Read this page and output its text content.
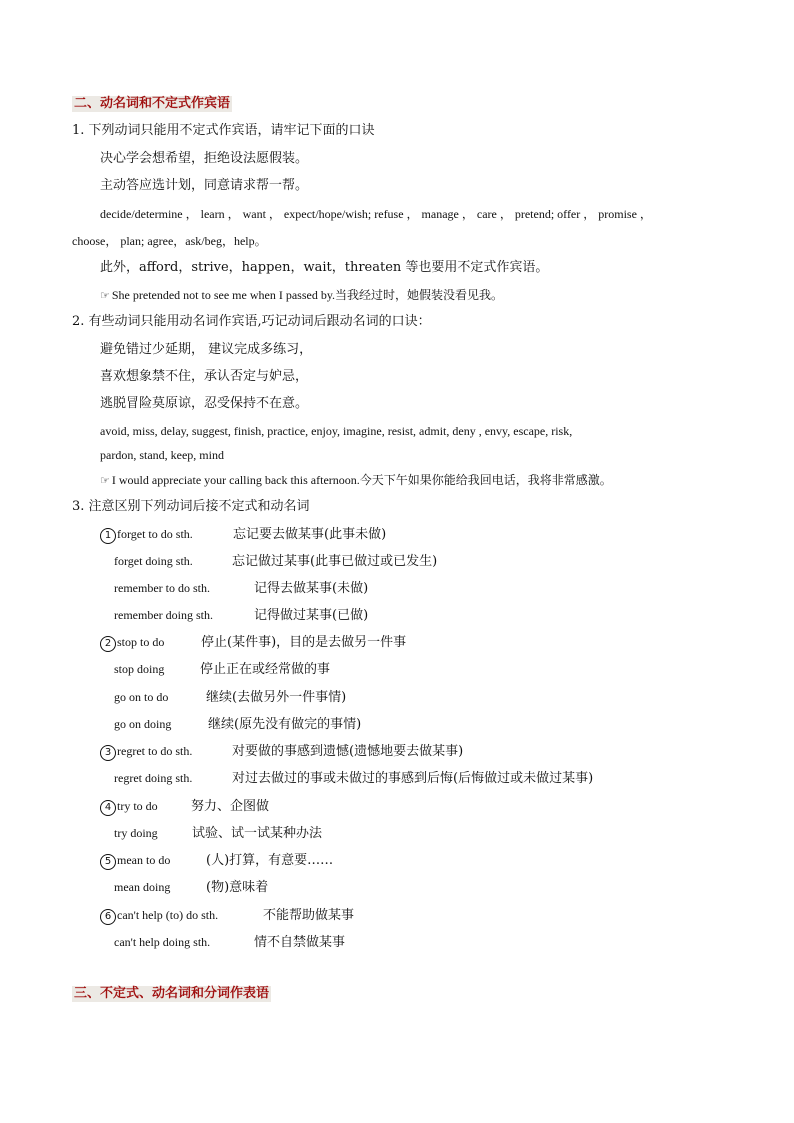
二、动名词和不定式作宾语
1. 下列动词只能用不定式作宾语，请牢记下面的口诀
决心学会想希望，拒绝设法愿假装。
主动答应选计划，同意请求帮一帮。
decide/determine ， learn ， want ， expect/hope/wish; refuse ， manage ， care ， pretend; offer ， promise ，
choose， plan; agree，ask/beg，help。
此外，afford，strive，happen，wait，threaten 等也要用不定式作宾语。
☞ She pretended not to see me when I passed by.当我经过时，她假装没看见我。
2. 有些动词只能用动名词作宾语,巧记动词后跟动名词的口诀：
避免错过少延期， 建议完成多练习，
喜欢想象禁不住，承认否定与妒忌，
逃脱冒险莫原谅，忍受保持不在意。
avoid, miss, delay, suggest, finish, practice, enjoy, imagine, resist, admit, deny , envy, escape, risk,
pardon, stand, keep, mind
☞ I would appreciate your calling back this afternoon.今天下午如果你能给我回电话，我将非常感激。
3. 注意区别下列动词后接不定式和动名词
1 forget to do sth.	忘记要去做某事(此事未做)
forget doing sth.	忘记做过某事(此事已做过或已发生)
remember to do sth.	记得去做某事(未做)
remember doing sth.	记得做过某事(已做)
2 stop to do	停止(某件事)，目的是去做另一件事
stop doing	停止正在或经常做的事
go on to do	继续(去做另外一件事情)
go on doing	继续(原先没有做完的事情)
3 regret to do sth.	对要做的事感到遗憾(遗憾地要去做某事)
regret doing sth.	对过去做过的事或未做过的事感到后悔(后悔做过或未做过某事)
4 try to do	努力、企图做
try doing	试验、试一试某种办法
5 mean to do	(人)打算，有意要……
mean doing	(物)意味着
6 can't help (to) do sth.	不能帮助做某事
can't help doing sth.	情不自禁做某事
三、不定式、动名词和分词作表语
